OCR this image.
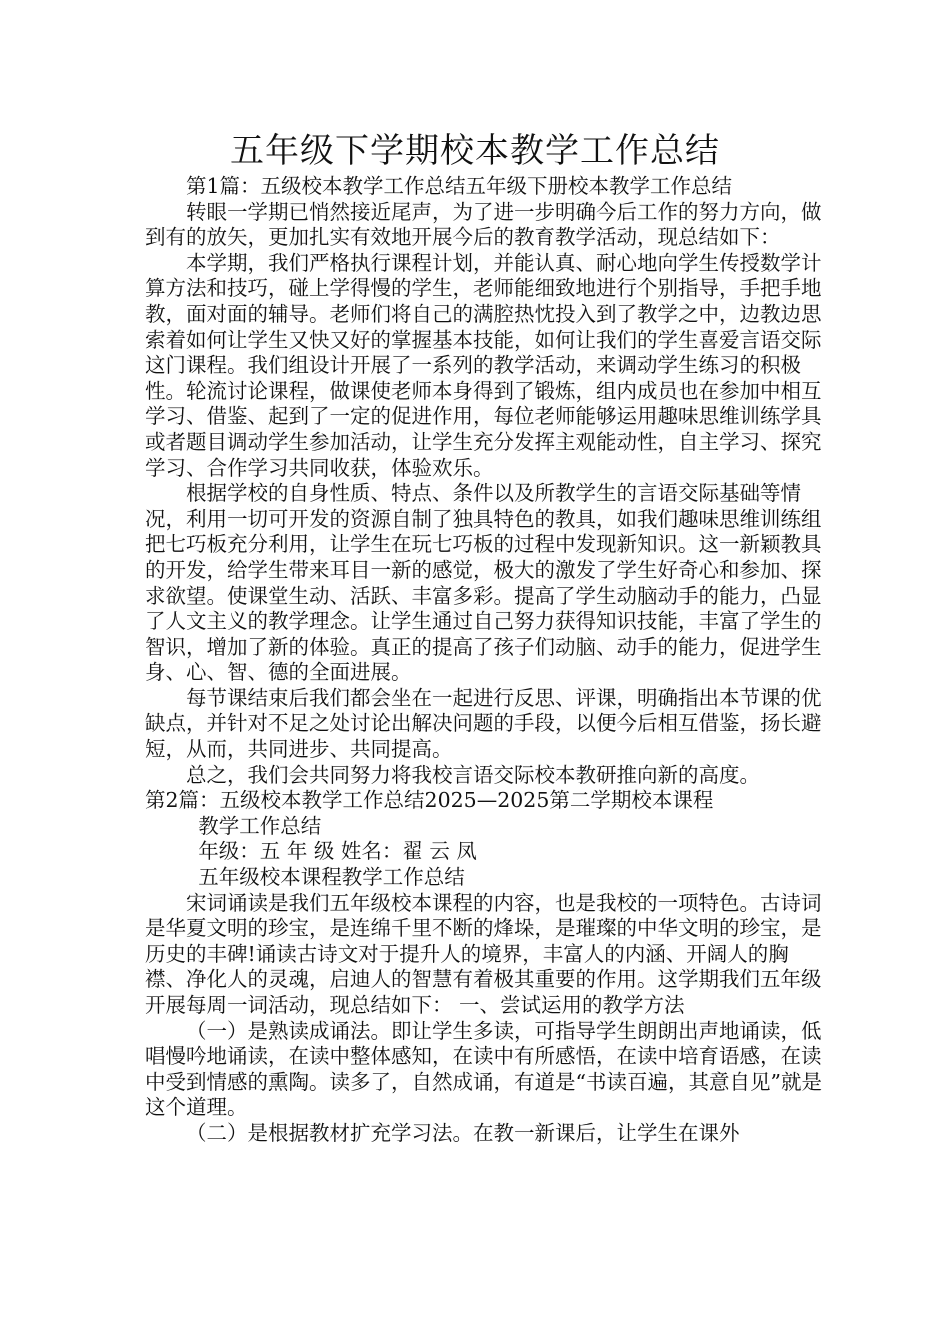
五年级下学期校本教学工作总结

第1篇：五级校本教学工作总结五年级下册校本教学工作总结

转眼一学期已悄然接近尾声，为了进一步明确今后工作的努力方向，做到有的放矢，更加扎实有效地开展今后的教育教学活动，现总结如下：

本学期，我们严格执行课程计划，并能认真、耐心地向学生传授数学计算方法和技巧，碰上学得慢的学生，老师能细致地进行个别指导，手把手地教，面对面的辅导。老师们将自己的满腔热忱投入到了教学之中，边教边思索着如何让学生又快又好的掌握基本技能，如何让我们的学生喜爱言语交际这门课程。我们组设计开展了一系列的教学活动，来调动学生练习的积极性。轮流讨论课程，做课使老师本身得到了锻炼，组内成员也在参加中相互学习、借鉴、起到了一定的促进作用，每位老师能够运用趣味思维训练学具或者题目调动学生参加活动，让学生充分发挥主观能动性，自主学习、探究学习、合作学习共同收获，体验欢乐。

根据学校的自身性质、特点、条件以及所教学生的言语交际基础等情况，利用一切可开发的资源自制了独具特色的教具，如我们趣味思维训练组把七巧板充分利用，让学生在玩七巧板的过程中发现新知识。这一新颖教具的开发，给学生带来耳目一新的感觉，极大的激发了学生好奇心和参加、探求欲望。使课堂生动、活跃、丰富多彩。提高了学生动脑动手的能力，凸显了人文主义的教学理念。让学生通过自己努力获得知识技能，丰富了学生的智识，增加了新的体验。真正的提高了孩子们动脑、动手的能力，促进学生身、心、智、德的全面进展。

每节课结束后我们都会坐在一起进行反思、评课，明确指出本节课的优缺点，并针对不足之处讨论出解决问题的手段，以便今后相互借鉴，扬长避短，从而，共同进步、共同提高。

总之，我们会共同努力将我校言语交际校本教研推向新的高度。

第2篇：五级校本教学工作总结2025—2025第二学期校本课程

教学工作总结

年级：五 年 级 姓名：翟 云 凤

五年级校本课程教学工作总结

宋词诵读是我们五年级校本课程的内容，也是我校的一项特色。古诗词是华夏文明的珍宝，是连绵千里不断的烽垛，是璀璨的中华文明的珍宝，是历史的丰碑!诵读古诗文对于提升人的境界，丰富人的内涵、开阔人的胸襟、净化人的灵魂，启迪人的智慧有着极其重要的作用。这学期我们五年级开展每周一词活动，现总结如下： 一、尝试运用的教学方法

（一）是熟读成诵法。即让学生多读，可指导学生朗朗出声地诵读，低唱慢吟地诵读，在读中整体感知，在读中有所感悟，在读中培育语感，在读中受到情感的熏陶。读多了，自然成诵，有道是“书读百遍，其意自见”就是这个道理。

（二）是根据教材扩充学习法。在教一新课后，让学生在课外
